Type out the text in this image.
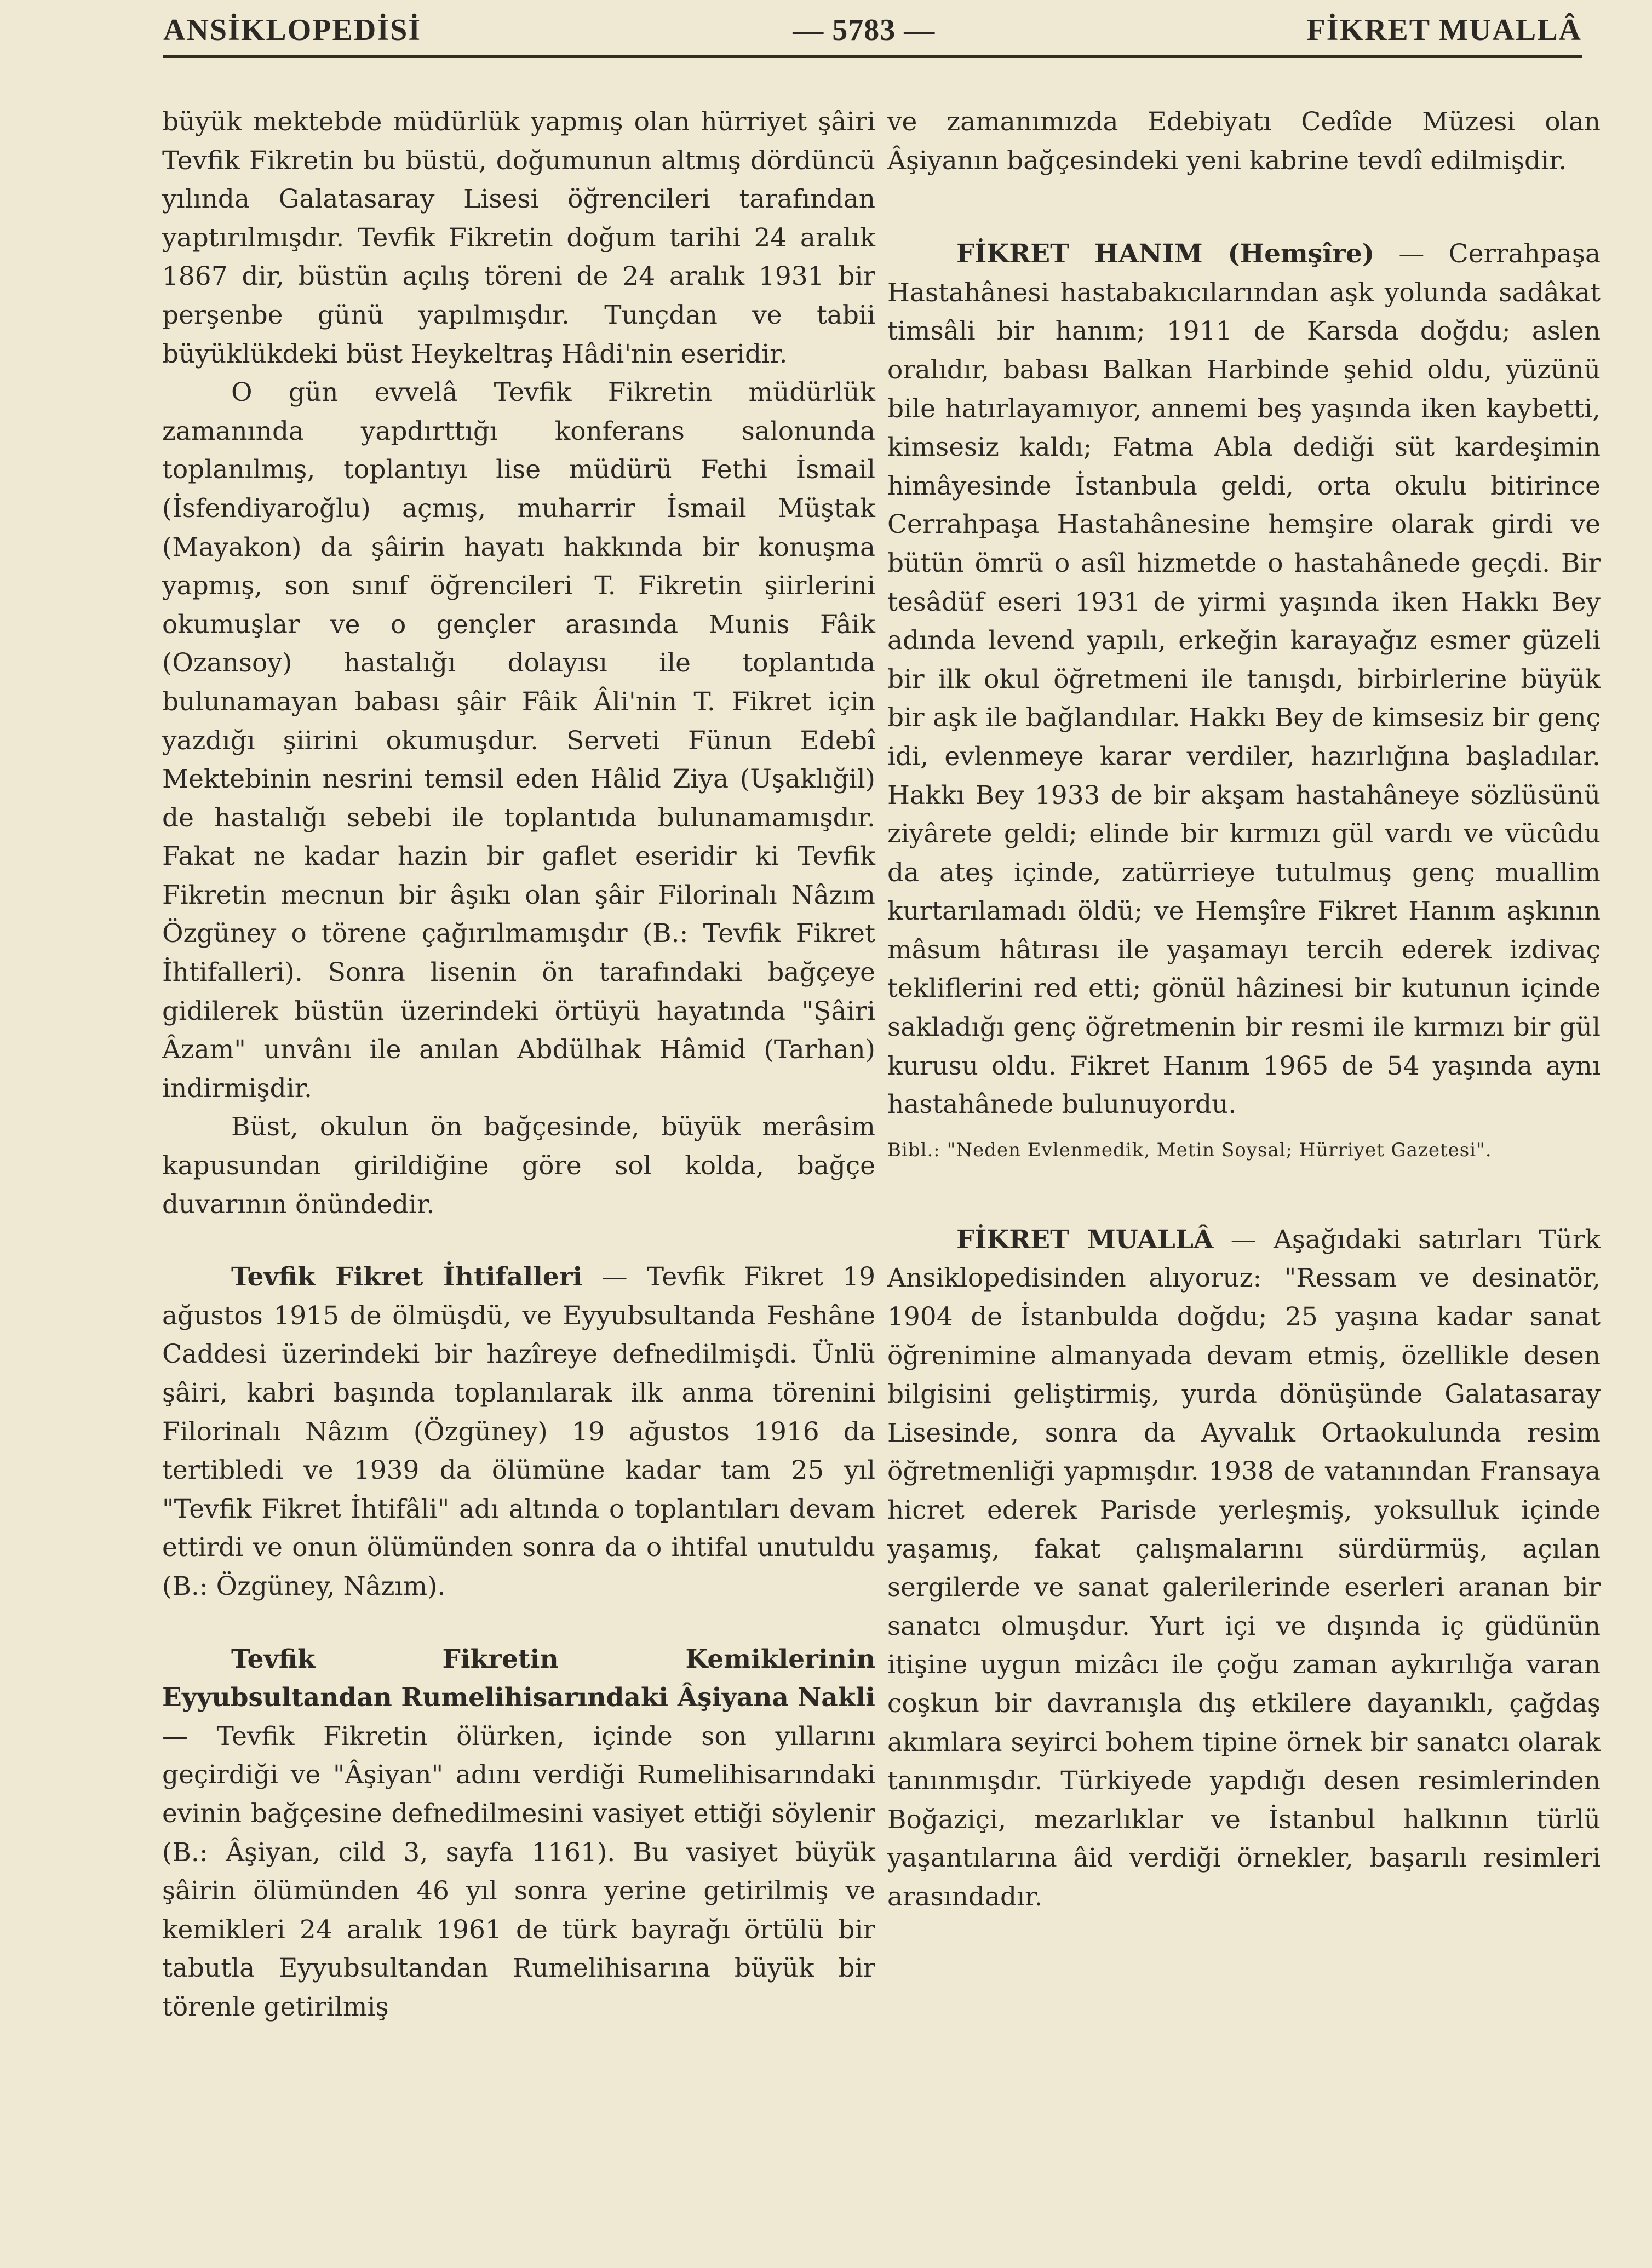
ANSİKLOPEDİSİ	— 5783 —	FİKRET MUALLÂ

büyük mektebde müdürlük yapmış olan hürriyet şâiri Tevfik Fikretin bu büstü, doğumunun altmış dördüncü yılında Galatasaray Lisesi öğrencileri tarafından yaptırılmışdır. Tevfik Fikretin doğum tarihi 24 aralık 1867 dir, büstün açılış töreni de 24 aralık 1931 bir perşenbe günü yapılmışdır. Tunçdan ve tabii büyüklükdeki büst Heykeltraş Hâdi'nin eseridir.

O gün evvelâ Tevfik Fikretin müdürlük zamanında yapdırttığı konferans salonunda toplanılmış, toplantıyı lise müdürü Fethi İsmail (İsfendiyaroğlu) açmış, muharrir İsmail Müştak (Mayakon) da şâirin hayatı hakkında bir konuşma yapmış, son sınıf öğrencileri T. Fikretin şiirlerini okumuşlar ve o gençler arasında Munis Fâik (Ozansoy) hastalığı dolayısı ile toplantıda bulunamayan babası şâir Fâik Âli'nin T. Fikret için yazdığı şiirini okumuşdur. Serveti Fünun Edebî Mektebinin nesrini temsil eden Hâlid Ziya (Uşaklığil) de hastalığı sebebi ile toplantıda bulunamamışdır. Fakat ne kadar hazin bir gaflet eseridir ki Tevfik Fikretin mecnun bir âşıkı olan şâir Filorinalı Nâzım Özgüney o törene çağırılmamışdır (B.: Tevfik Fikret İhtifalleri). Sonra lisenin ön tarafındaki bağçeye gidilerek büstün üzerindeki örtüyü hayatında "Şâiri Âzam" unvânı ile anılan Abdülhak Hâmid (Tarhan) indirmişdir.

Büst, okulun ön bağçesinde, büyük merâsim kapusundan girildiğine göre sol kolda, bağçe duvarının önündedir.

Tevfik Fikret İhtifalleri — Tevfik Fikret 19 ağustos 1915 de ölmüşdü, ve Eyyubsultanda Feshâne Caddesi üzerindeki bir hazîreye defnedilmişdi. Ünlü şâiri, kabri başında toplanılarak ilk anma törenini Filorinalı Nâzım (Özgüney) 19 ağustos 1916 da tertibledi ve 1939 da ölümüne kadar tam 25 yıl "Tevfik Fikret İhtifâli" adı altında o toplantıları devam ettirdi ve onun ölümünden sonra da o ihtifal unutuldu (B.: Özgüney, Nâzım).

Tevfik Fikretin Kemiklerinin Eyyubsultandan Rumelihisarındaki Âşiyana Nakli — Tevfik Fikretin ölürken, içinde son yıllarını geçirdiği ve "Âşiyan" adını verdiği Rumelihisarındaki evinin bağçesine defnedilmesini vasiyet ettiği söylenir (B.: Âşiyan, cild 3, sayfa 1161). Bu vasiyet büyük şâirin ölümünden 46 yıl sonra yerine getirilmiş ve kemikleri 24 aralık 1961 de türk bayrağı örtülü bir tabutla Eyyubsultandan Rumelihisarına büyük bir törenle getirilmiş

ve zamanımızda Edebiyatı Cedîde Müzesi olan Âşiyanın bağçesindeki yeni kabrine tevdî edilmişdir.

FİKRET HANIM (Hemşîre) — Cerrahpaşa Hastahânesi hastabakıcılarından aşk yolunda sadâkat timsâli bir hanım; 1911 de Karsda doğdu; aslen oralıdır, babası Balkan Harbinde şehid oldu, yüzünü bile hatırlayamıyor, annemi beş yaşında iken kaybetti, kimsesiz kaldı; Fatma Abla dediği süt kardeşimin himâyesinde İstanbula geldi, orta okulu bitirince Cerrahpaşa Hastahânesine hemşire olarak girdi ve bütün ömrü o asîl hizmetde o hastahânede geçdi. Bir tesâdüf eseri 1931 de yirmi yaşında iken Hakkı Bey adında levend yapılı, erkeğin karayağız esmer güzeli bir ilk okul öğretmeni ile tanışdı, birbirlerine büyük bir aşk ile bağlandılar. Hakkı Bey de kimsesiz bir genç idi, evlenmeye karar verdiler, hazırlığına başladılar. Hakkı Bey 1933 de bir akşam hastahâneye sözlüsünü ziyârete geldi; elinde bir kırmızı gül vardı ve vücûdu da ateş içinde, zatürrieye tutulmuş genç muallim kurtarılamadı öldü; ve Hemşîre Fikret Hanım aşkının mâsum hâtırası ile yaşamayı tercih ederek izdivaç tekliflerini red etti; gönül hâzinesi bir kutunun içinde sakladığı genç öğretmenin bir resmi ile kırmızı bir gül kurusu oldu. Fikret Hanım 1965 de 54 yaşında aynı hastahânede bulunuyordu.

Bibl.: "Neden Evlenmedik, Metin Soysal; Hürriyet Gazetesi".

FİKRET MUALLÂ — Aşağıdaki satırları Türk Ansiklopedisinden alıyoruz: "Ressam ve desinatör, 1904 de İstanbulda doğdu; 25 yaşına kadar sanat öğrenimine almanyada devam etmiş, özellikle desen bilgisini geliştirmiş, yurda dönüşünde Galatasaray Lisesinde, sonra da Ayvalık Ortaokulunda resim öğretmenliği yapmışdır. 1938 de vatanından Fransaya hicret ederek Parisde yerleşmiş, yoksulluk içinde yaşamış, fakat çalışmalarını sürdürmüş, açılan sergilerde ve sanat galerilerinde eserleri aranan bir sanatcı olmuşdur. Yurt içi ve dışında iç güdünün itişine uygun mizâcı ile çoğu zaman aykırılığa varan coşkun bir davranışla dış etkilere dayanıklı, çağdaş akımlara seyirci bohem tipine örnek bir sanatcı olarak tanınmışdır. Türkiyede yapdığı desen resimlerinden Boğaziçi, mezarlıklar ve İstanbul halkının türlü yaşantılarına âid verdiği örnekler, başarılı resimleri arasındadır.
